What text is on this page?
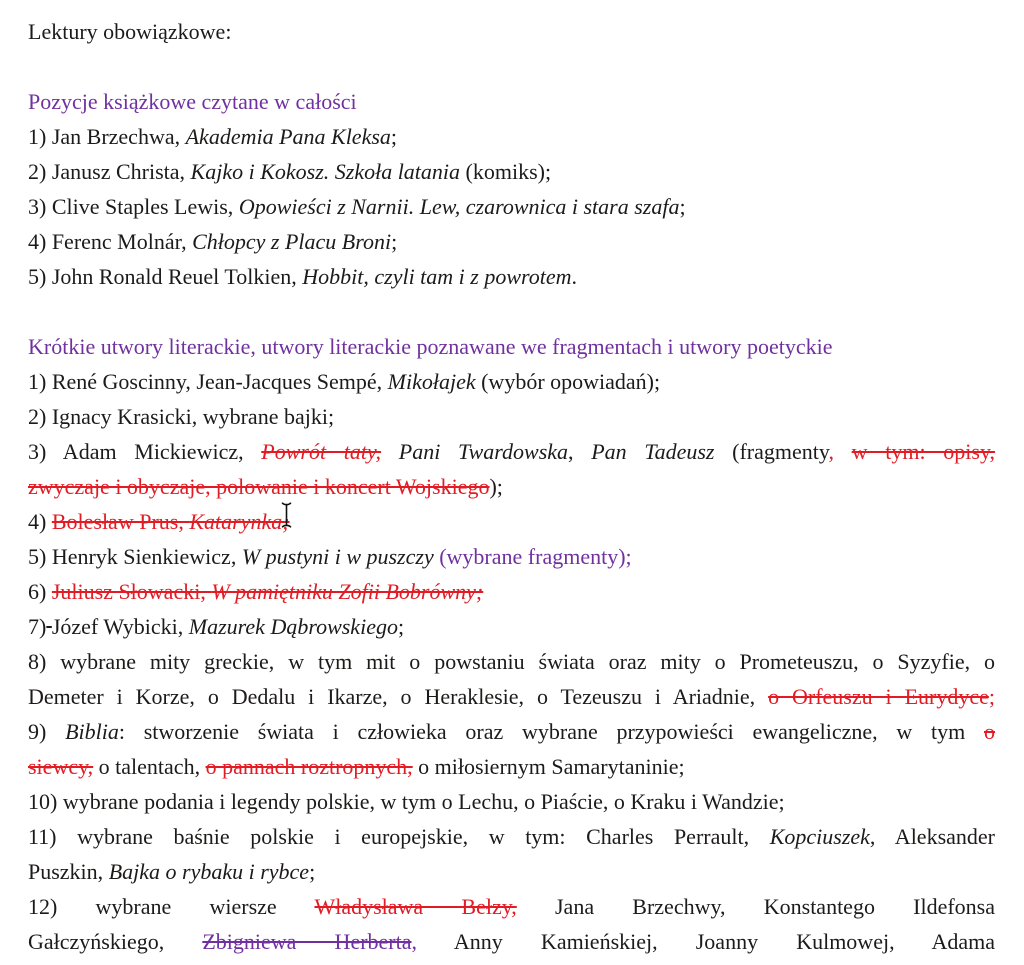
Lektury obowiązkowe:
Pozycje książkowe czytane w całości
1) Jan Brzechwa, Akademia Pana Kleksa;
2) Janusz Christa, Kajko i Kokosz. Szkoła latania (komiks);
3) Clive Staples Lewis, Opowieści z Narnii. Lew, czarownica i stara szafa;
4) Ferenc Molnár, Chłopcy z Placu Broni;
5) John Ronald Reuel Tolkien, Hobbit, czyli tam i z powrotem.
Krótkie utwory literackie, utwory literackie poznawane we fragmentach i utwory poetyckie
1) René Goscinny, Jean-Jacques Sempé, Mikołajek (wybór opowiadań);
2) Ignacy Krasicki, wybrane bajki;
3) Adam Mickiewicz, Powrót taty, Pani Twardowska, Pan Tadeusz (fragmenty, w tym: opisy,
zwyczaje i obyczaje, polowanie i koncert Wojskiego);
4) Bolesław Prus, Katarynka;
5) Henryk Sienkiewicz, W pustyni i w puszczy (wybrane fragmenty);
6) Juliusz Słowacki, W pamiętniku Zofii Bobrówny;
7) Józef Wybicki, Mazurek Dąbrowskiego;
8) wybrane mity greckie, w tym mit o powstaniu świata oraz mity o Prometeuszu, o Syzyfie, o
Demeter i Korze, o Dedalu i Ikarze, o Heraklesie, o Tezeuszu i Ariadnie, o Orfeuszu i Eurydyce;
9) Biblia: stworzenie świata i człowieka oraz wybrane przypowieści ewangeliczne, w tym o
siewcy, o talentach, o pannach roztropnych, o miłosiernym Samarytaninie;
10) wybrane podania i legendy polskie, w tym o Lechu, o Piaście, o Kraku i Wandzie;
11) wybrane baśnie polskie i europejskie, w tym: Charles Perrault, Kopciuszek, Aleksander
Puszkin, Bajka o rybaku i rybce;
12) wybrane wiersze Władysława Bełzy, Jana Brzechwy, Konstantego Ildefonsa
Gałczyńskiego, Zbigniewa Herberta, Anny Kamieńskiej, Joanny Kulmowej, Adama
